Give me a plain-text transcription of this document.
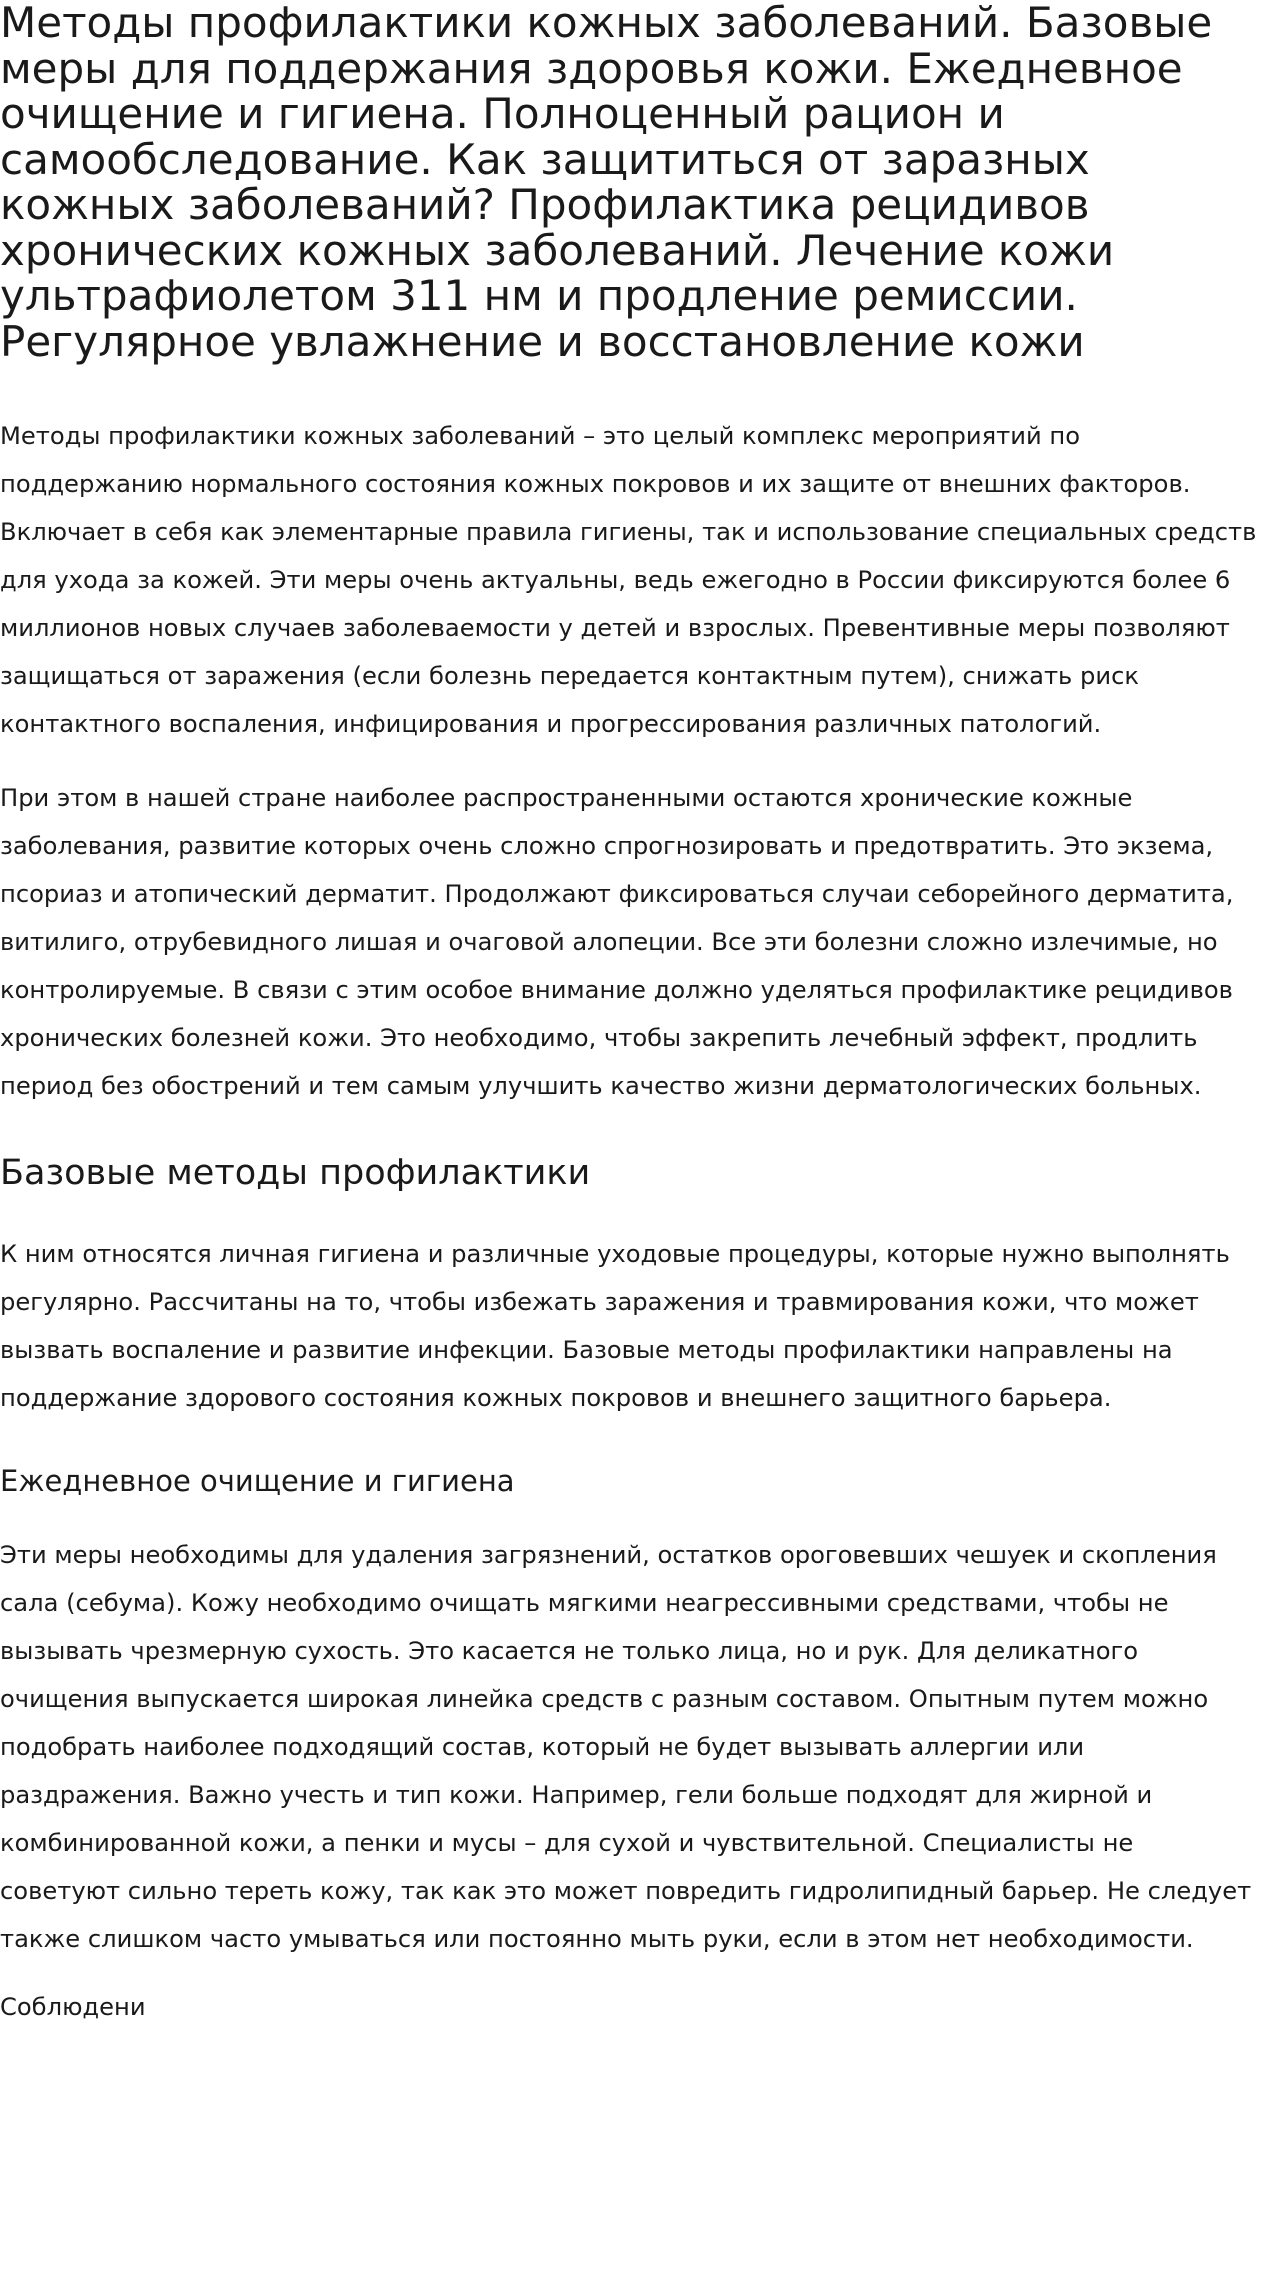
Методы профилактики кожных заболеваний. Базовые меры для поддержания здоровья кожи. Ежедневное очищение и гигиена. Полноценный рацион и самообследование. Как защититься от заразных кожных заболеваний? Профилактика рецидивов хронических кожных заболеваний. Лечение кожи ультрафиолетом 311 нм и продление ремиссии. Регулярное увлажнение и восстановление кожи

Методы профилактики кожных заболеваний – это целый комплекс мероприятий по поддержанию нормального состояния кожных покровов и их защите от внешних факторов. Включает в себя как элементарные правила гигиены, так и использование специальных средств для ухода за кожей. Эти меры очень актуальны, ведь ежегодно в России фиксируются более 6 миллионов новых случаев заболеваемости у детей и взрослых. Превентивные меры позволяют защищаться от заражения (если болезнь передается контактным путем), снижать риск контактного воспаления, инфицирования и прогрессирования различных патологий.

При этом в нашей стране наиболее распространенными остаются хронические кожные заболевания, развитие которых очень сложно спрогнозировать и предотвратить. Это экзема, псориаз и атопический дерматит. Продолжают фиксироваться случаи себорейного дерматита, витилиго, отрубевидного лишая и очаговой алопеции. Все эти болезни сложно излечимые, но контролируемые. В связи с этим особое внимание должно уделяться профилактике рецидивов хронических болезней кожи. Это необходимо, чтобы закрепить лечебный эффект, продлить период без обострений и тем самым улучшить качество жизни дерматологических больных.

Базовые методы профилактики

К ним относятся личная гигиена и различные уходовые процедуры, которые нужно выполнять регулярно. Рассчитаны на то, чтобы избежать заражения и травмирования кожи, что может вызвать воспаление и развитие инфекции. Базовые методы профилактики направлены на поддержание здорового состояния кожных покровов и внешнего защитного барьера.

Ежедневное очищение и гигиена

Эти меры необходимы для удаления загрязнений, остатков ороговевших чешуек и скопления сала (себума). Кожу необходимо очищать мягкими неагрессивными средствами, чтобы не вызывать чрезмерную сухость. Это касается не только лица, но и рук. Для деликатного очищения выпускается широкая линейка средств с разным составом. Опытным путем можно подобрать наиболее подходящий состав, который не будет вызывать аллергии или раздражения. Важно учесть и тип кожи. Например, гели больше подходят для жирной и комбинированной кожи, а пенки и мусы – для сухой и чувствительной. Специалисты не советуют сильно тереть кожу, так как это может повредить гидролипидный барьер. Не следует также слишком часто умываться или постоянно мыть руки, если в этом нет необходимости.

Соблюдени
